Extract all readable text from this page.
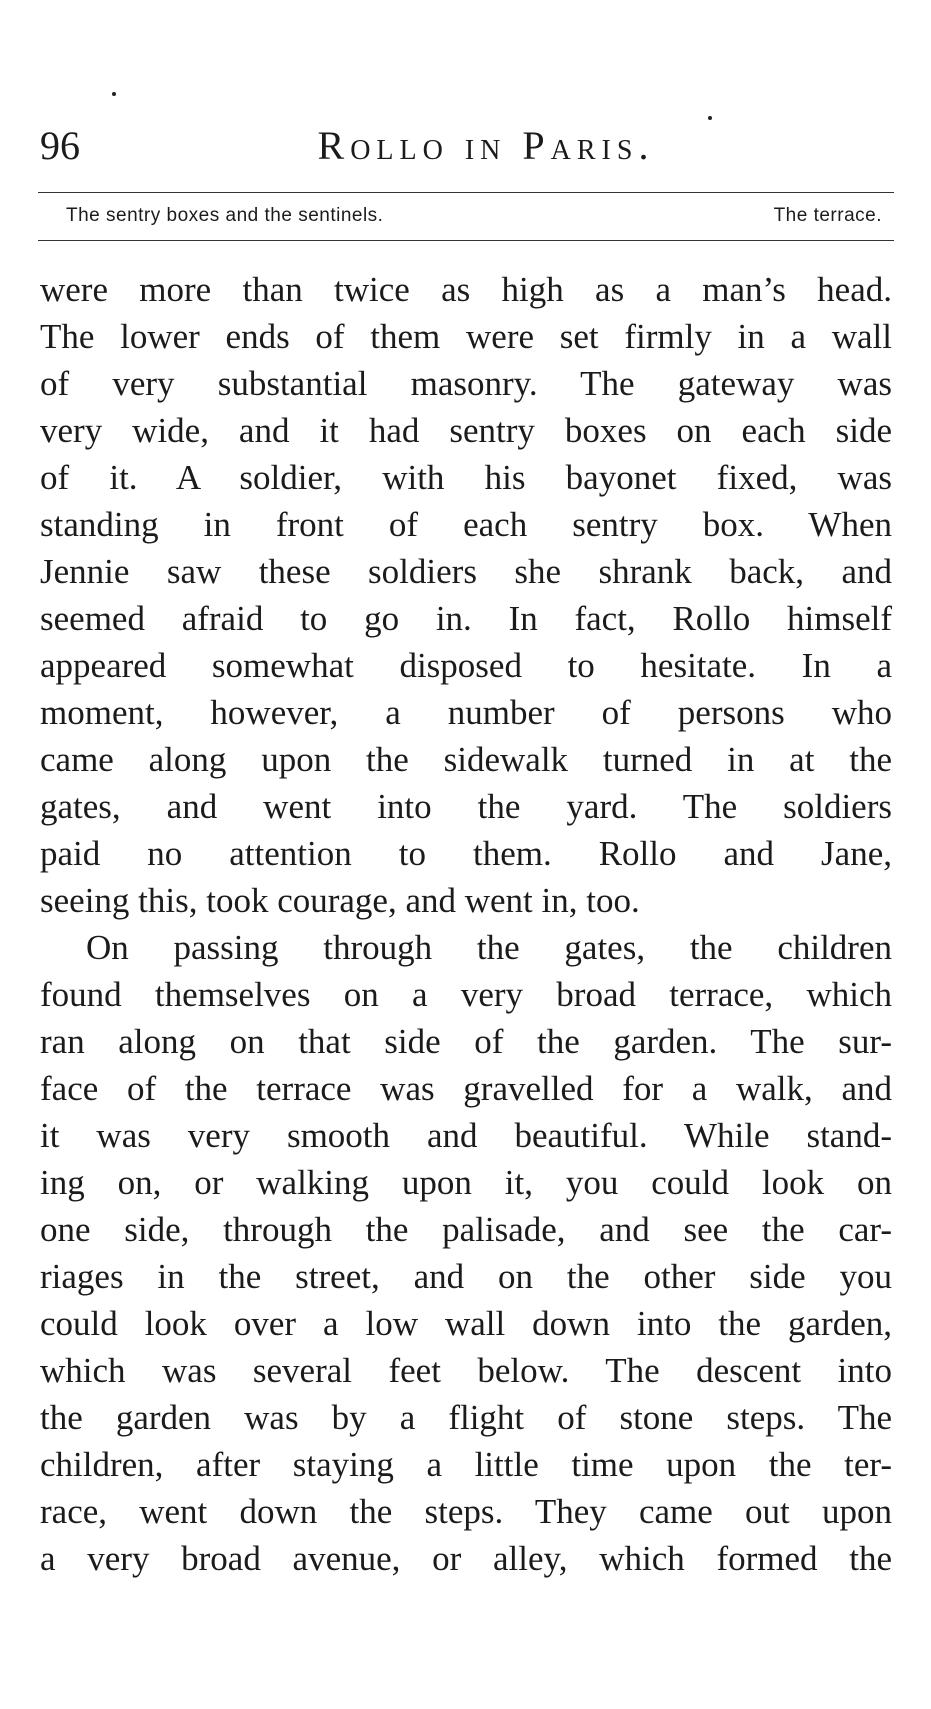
96	Rollo in Paris.
The sentry boxes and the sentinels.	The terrace.
were more than twice as high as a man’s head.
The lower ends of them were set firmly in a wall
of very substantial masonry. The gateway was
very wide, and it had sentry boxes on each side
of it. A soldier, with his bayonet fixed, was
standing in front of each sentry box. When
Jennie saw these soldiers she shrank back, and
seemed afraid to go in. In fact, Rollo himself
appeared somewhat disposed to hesitate. In a
moment, however, a number of persons who
came along upon the sidewalk turned in at the
gates, and went into the yard. The soldiers
paid no attention to them. Rollo and Jane,
seeing this, took courage, and went in, too.
On passing through the gates, the children
found themselves on a very broad terrace, which
ran along on that side of the garden. The sur-
face of the terrace was gravelled for a walk, and
it was very smooth and beautiful. While stand-
ing on, or walking upon it, you could look on
one side, through the palisade, and see the car-
riages in the street, and on the other side you
could look over a low wall down into the garden,
which was several feet below. The descent into
the garden was by a flight of stone steps. The
children, after staying a little time upon the ter-
race, went down the steps. They came out upon
a very broad avenue, or alley, which formed the
